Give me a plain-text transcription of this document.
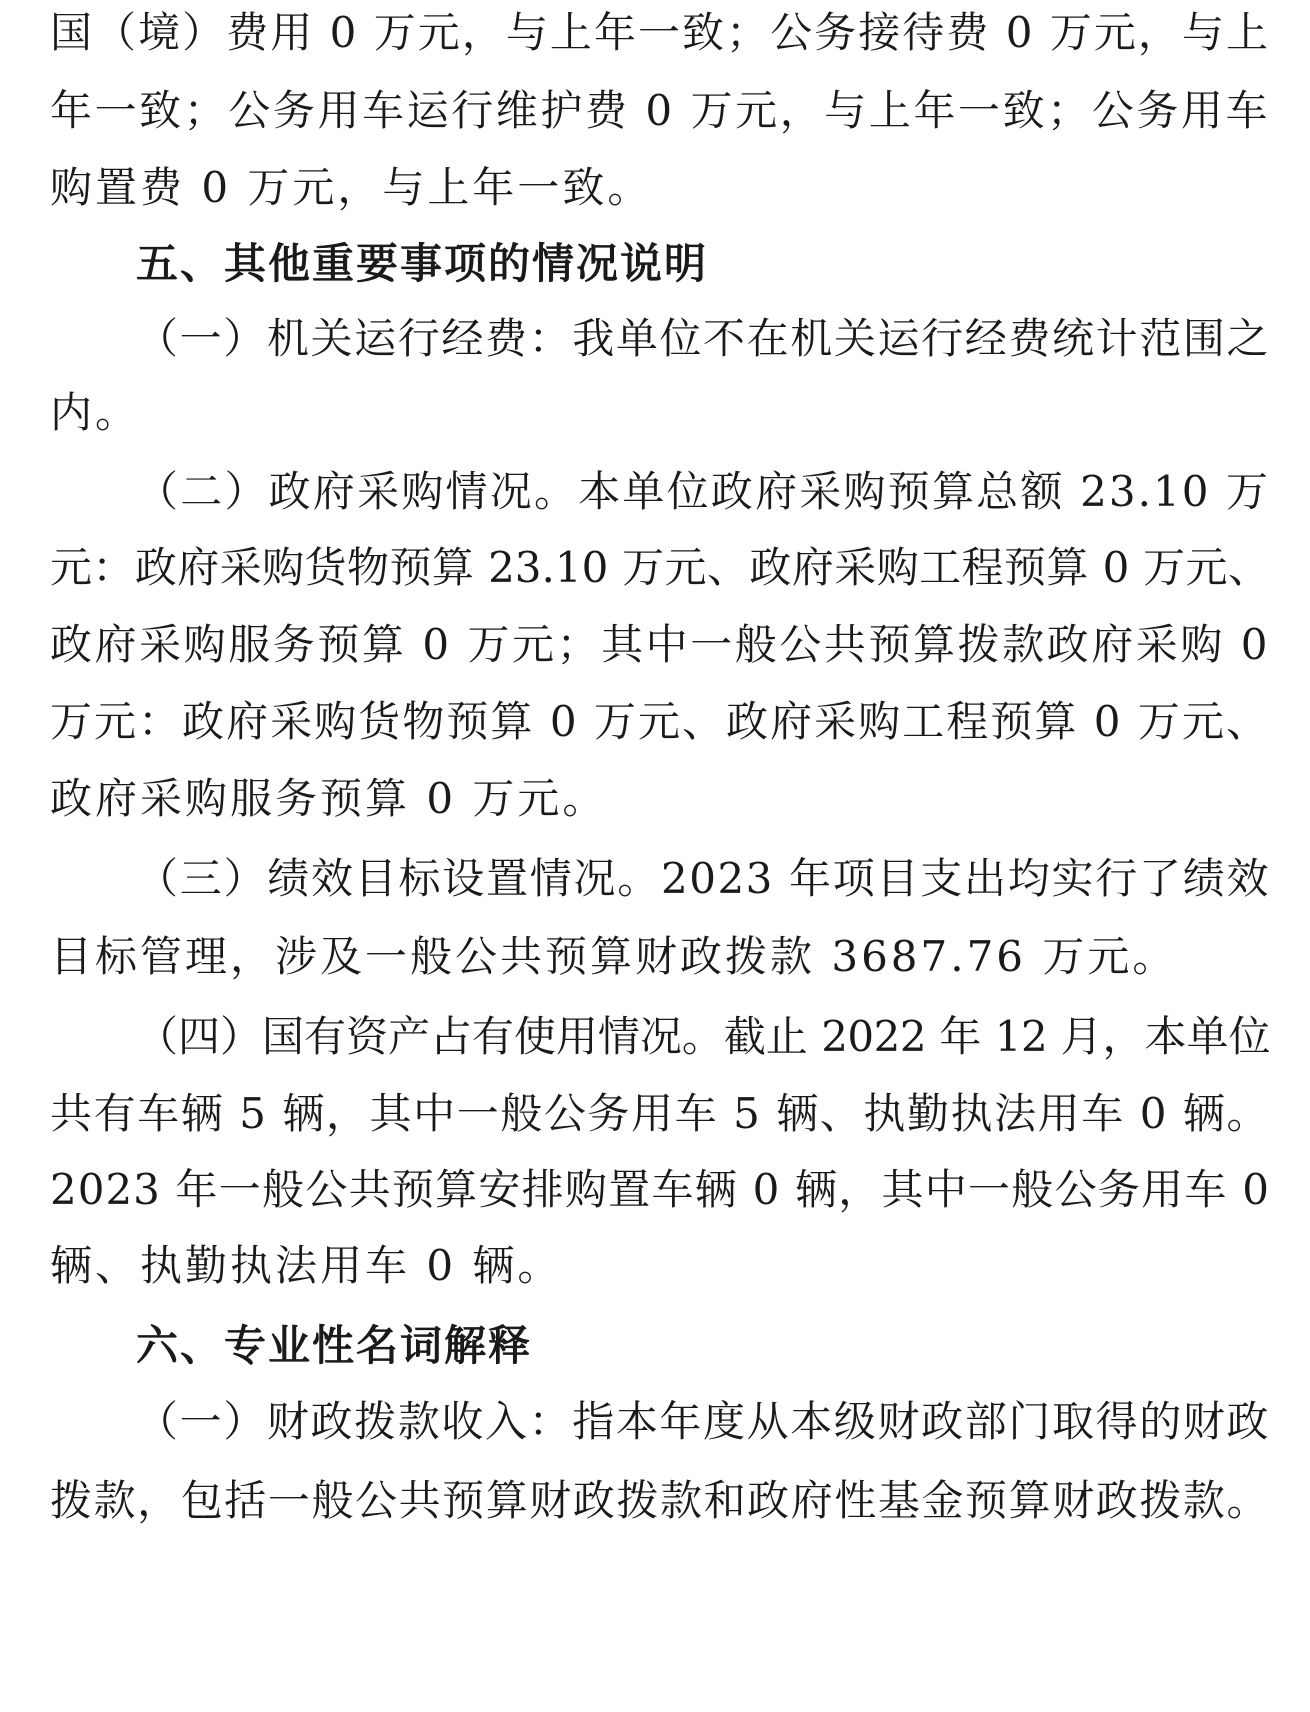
国（境）费用 0 万元，与上年一致；公务接待费 0 万元，与上
年一致；公务用车运行维护费 0 万元，与上年一致；公务用车
购置费 0 万元，与上年一致。
五、其他重要事项的情况说明
（一）机关运行经费：我单位不在机关运行经费统计范围之
内。
（二）政府采购情况。本单位政府采购预算总额 23.10 万
元：政府采购货物预算 23.10 万元、政府采购工程预算 0 万元、
政府采购服务预算 0 万元；其中一般公共预算拨款政府采购 0
万元：政府采购货物预算 0 万元、政府采购工程预算 0 万元、
政府采购服务预算 0 万元。
（三）绩效目标设置情况。2023 年项目支出均实行了绩效
目标管理，涉及一般公共预算财政拨款 3687.76 万元。
（四）国有资产占有使用情况。截止 2022 年 12 月，本单位
共有车辆 5 辆，其中一般公务用车 5 辆、执勤执法用车 0 辆。
2023 年一般公共预算安排购置车辆 0 辆，其中一般公务用车 0
辆、执勤执法用车 0 辆。
六、专业性名词解释
（一）财政拨款收入：指本年度从本级财政部门取得的财政
拨款，包括一般公共预算财政拨款和政府性基金预算财政拨款。
